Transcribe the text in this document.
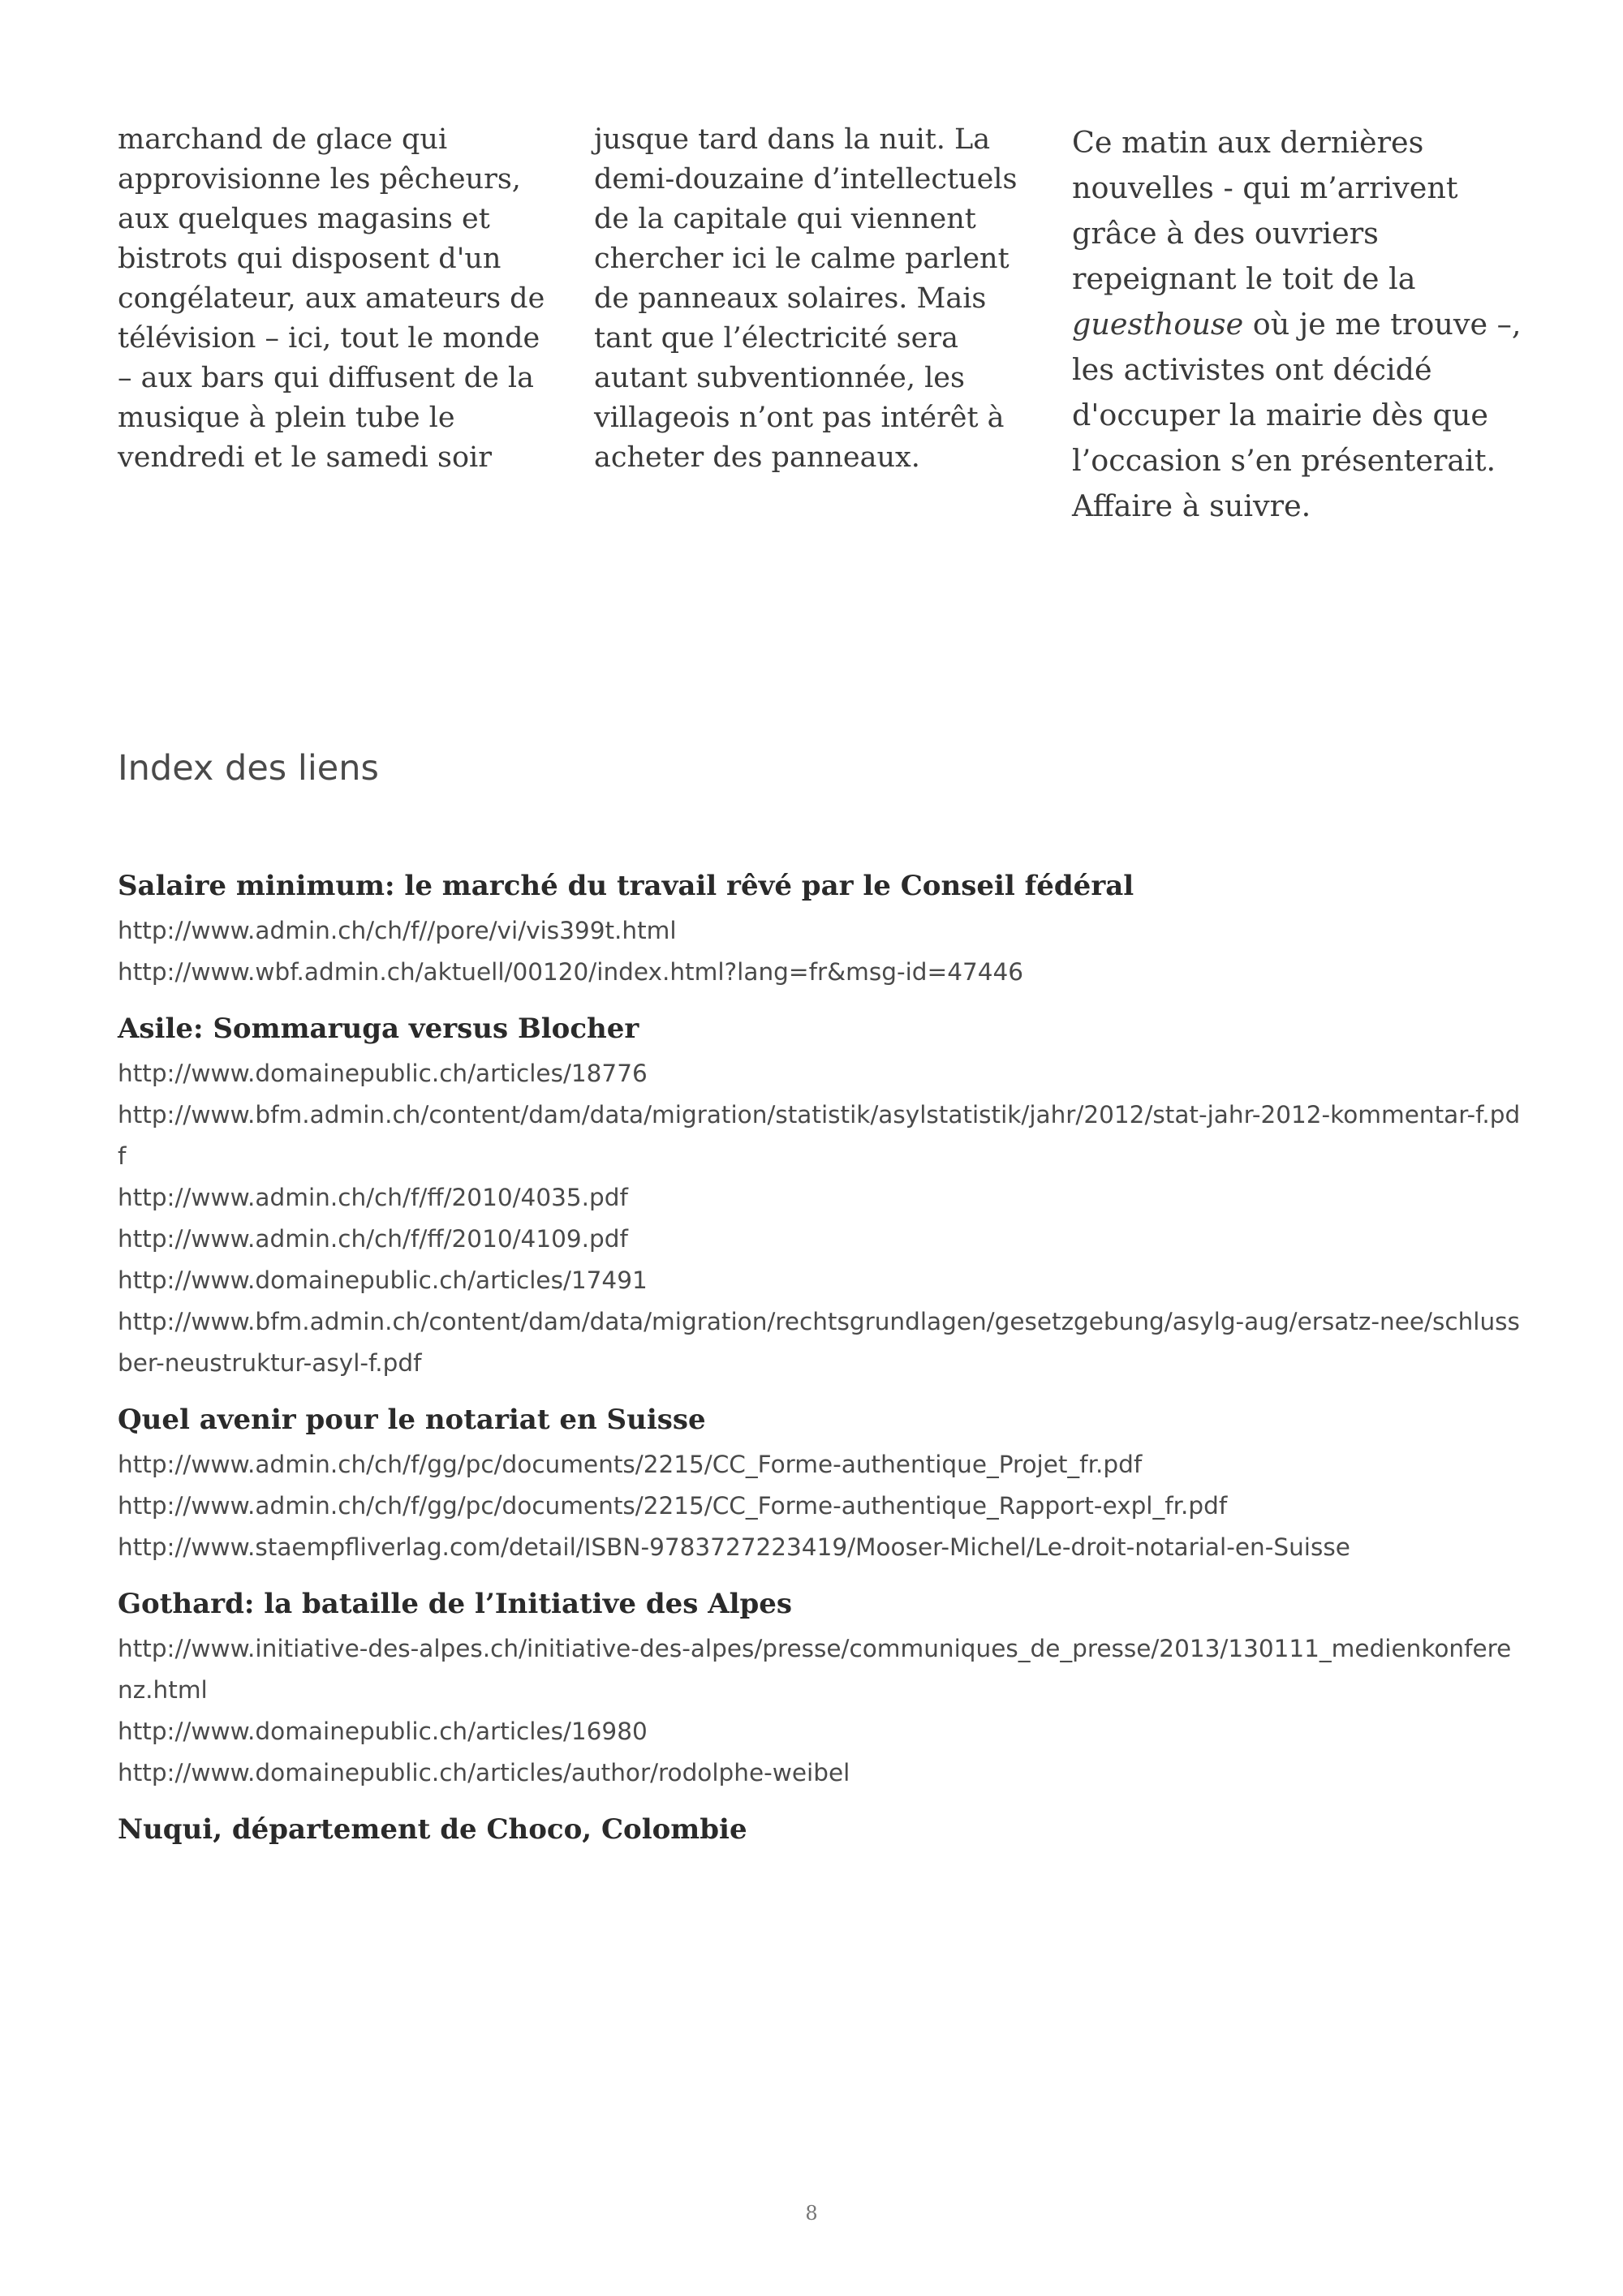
marchand de glace qui approvisionne les pêcheurs, aux quelques magasins et bistrots qui disposent d'un congélateur, aux amateurs de télévision – ici, tout le monde – aux bars qui diffusent de la musique à plein tube le vendredi et le samedi soir

jusque tard dans la nuit. La demi-douzaine d’intellectuels de la capitale qui viennent chercher ici le calme parlent de panneaux solaires. Mais tant que l’électricité sera autant subventionnée, les villageois n’ont pas intérêt à acheter des panneaux.

Ce matin aux dernières nouvelles - qui m’arrivent grâce à des ouvriers repeignant le toit de la guesthouse où je me trouve –, les activistes ont décidé d'occuper la mairie dès que l’occasion s’en présenterait. Affaire à suivre.

Index des liens
Salaire minimum: le marché du travail rêvé par le Conseil fédéral
http://www.admin.ch/ch/f//pore/vi/vis399t.html
http://www.wbf.admin.ch/aktuell/00120/index.html?lang=fr&msg-id=47446
Asile: Sommaruga versus Blocher
http://www.domainepublic.ch/articles/18776
http://www.bfm.admin.ch/content/dam/data/migration/statistik/asylstatistik/jahr/2012/stat-jahr-2012-kommentar-f.pdf
http://www.admin.ch/ch/f/ff/2010/4035.pdf
http://www.admin.ch/ch/f/ff/2010/4109.pdf
http://www.domainepublic.ch/articles/17491
http://www.bfm.admin.ch/content/dam/data/migration/rechtsgrundlagen/gesetzgebung/asylg-aug/ersatz-nee/schlussber-neustruktur-asyl-f.pdf
Quel avenir pour le notariat en Suisse
http://www.admin.ch/ch/f/gg/pc/documents/2215/CC_Forme-authentique_Projet_fr.pdf
http://www.admin.ch/ch/f/gg/pc/documents/2215/CC_Forme-authentique_Rapport-expl_fr.pdf
http://www.staempfliverlag.com/detail/ISBN-9783727223419/Mooser-Michel/Le-droit-notarial-en-Suisse
Gothard: la bataille de l’Initiative des Alpes
http://www.initiative-des-alpes.ch/initiative-des-alpes/presse/communiques_de_presse/2013/130111_medienkonferenz.html
http://www.domainepublic.ch/articles/16980
http://www.domainepublic.ch/articles/author/rodolphe-weibel
Nuqui, département de Choco, Colombie
8
